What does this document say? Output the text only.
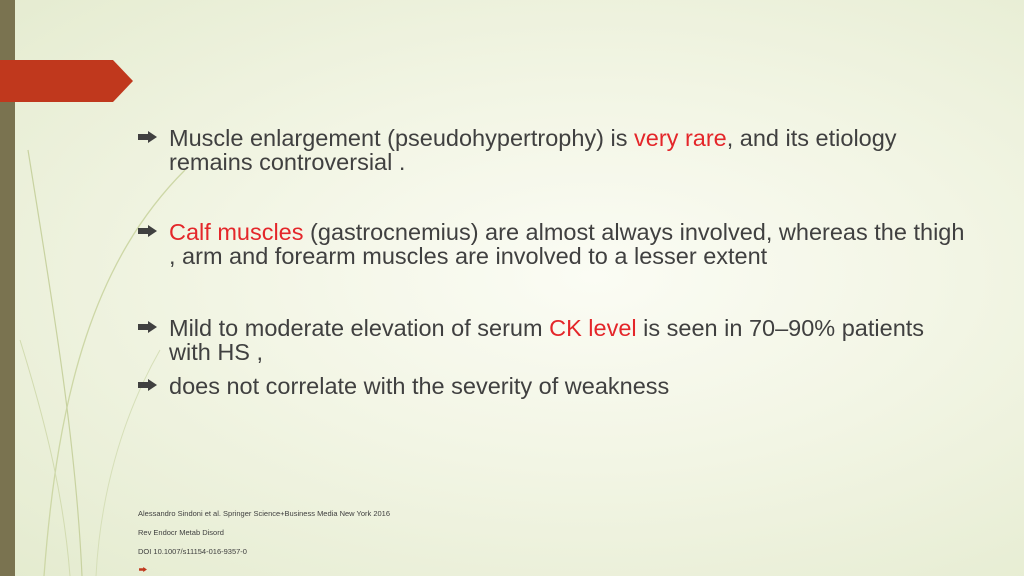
Muscle enlargement (pseudohypertrophy) is very rare, and its etiology remains controversial .
Calf muscles (gastrocnemius) are almost always involved, whereas the thigh , arm and forearm muscles are involved to a lesser extent
Mild to moderate elevation of serum CK level is seen in 70–90% patients with HS ,
does not correlate with the severity of weakness
Alessandro Sindoni et al. Springer Science+Business Media New York 2016
Rev Endocr Metab Disord
DOI 10.1007/s11154-016-9357-0
